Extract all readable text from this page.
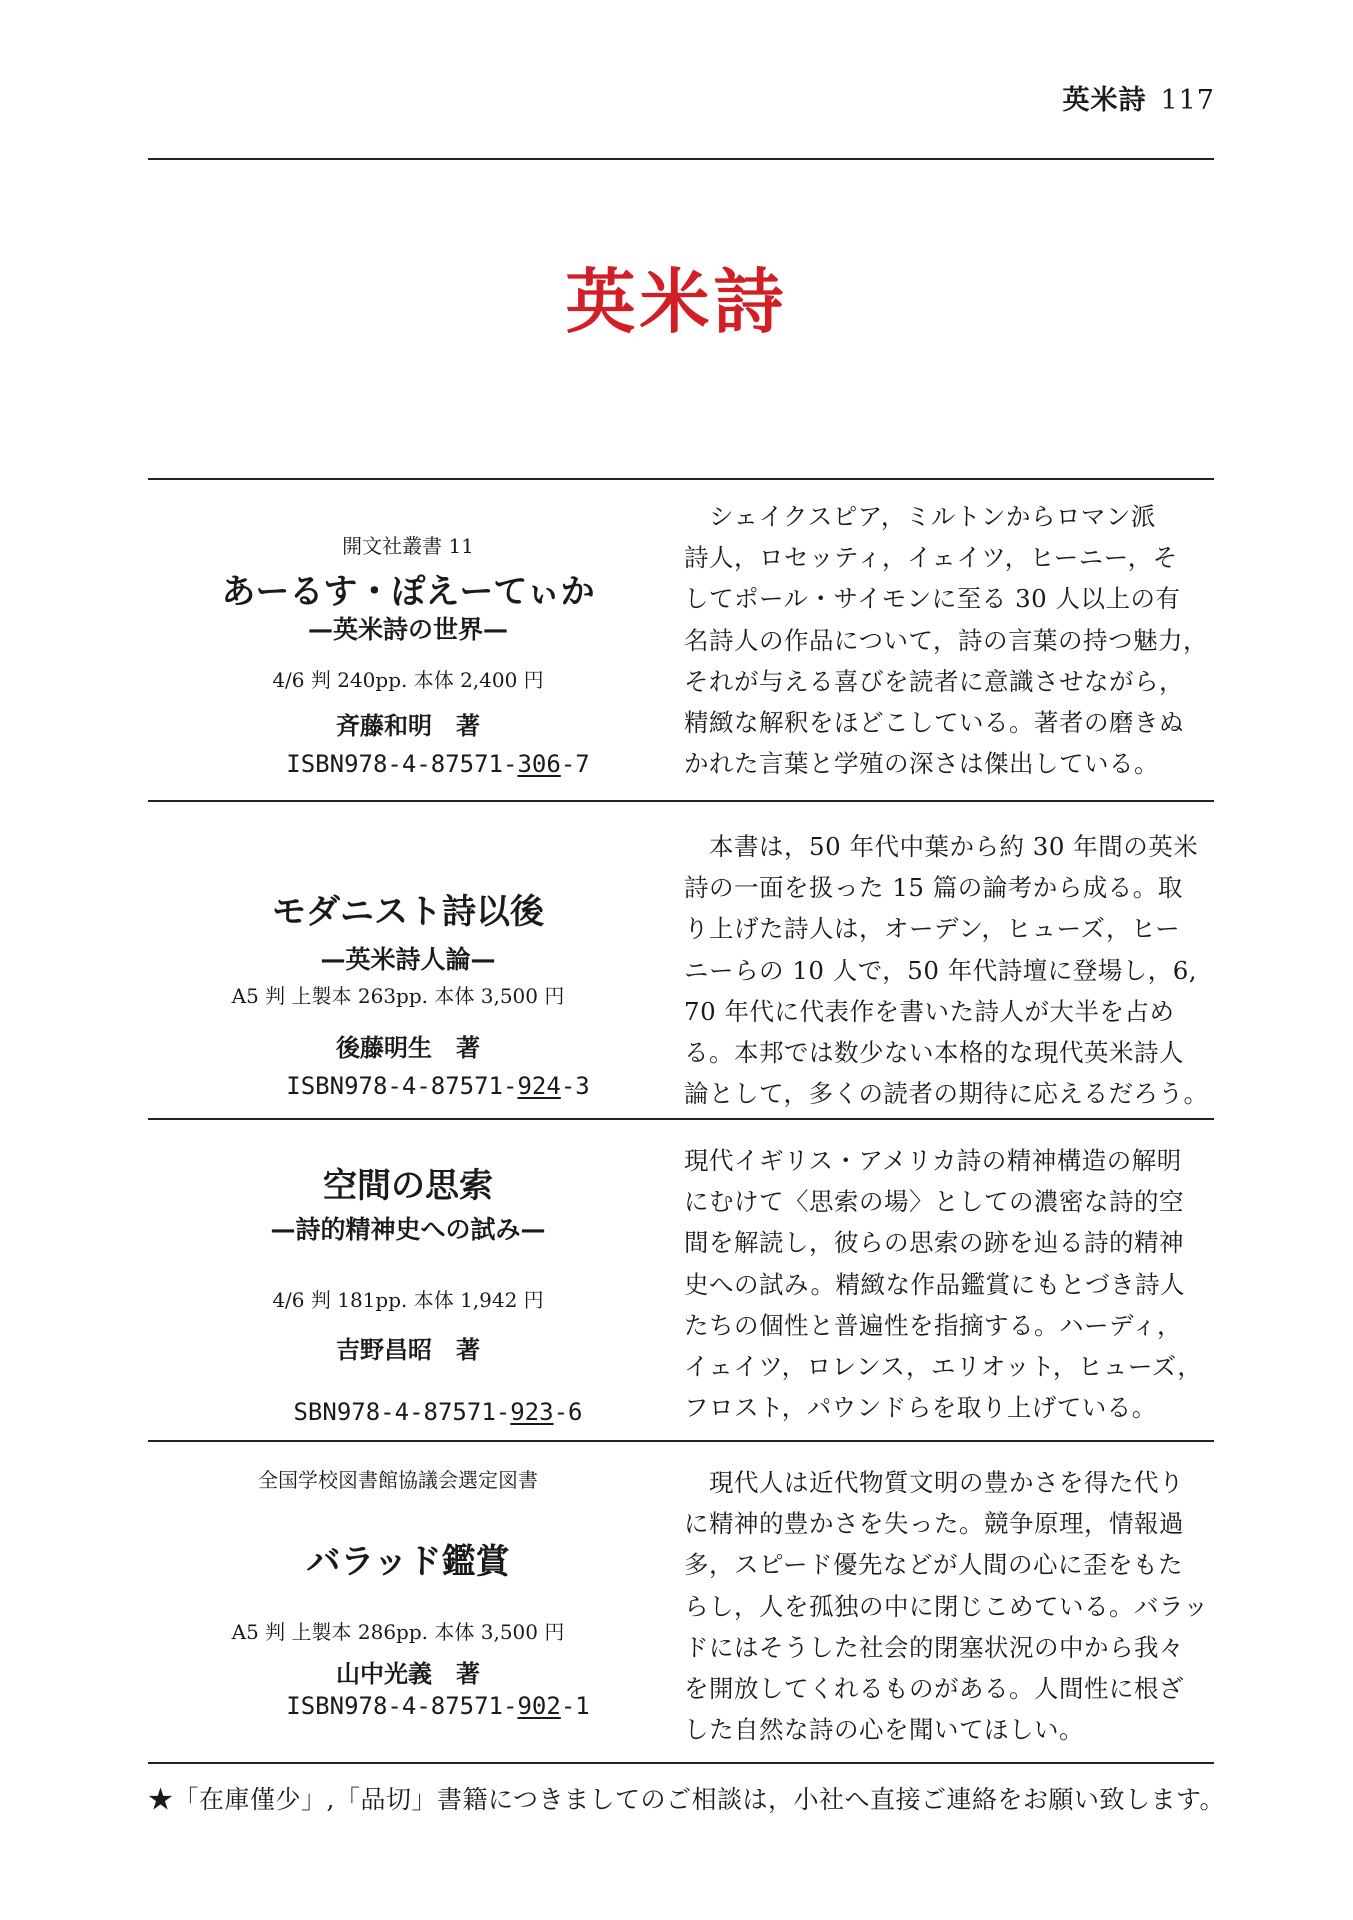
英米詩 117
英米詩
開文社叢書 11
あーるす・ぽえーてぃか
—英米詩の世界—
4/6 判 240pp. 本体 2,400 円
斉藤和明　著
ISBN978-4-87571-306-7
　シェイクスピア，ミルトンからロマン派
詩人，ロセッティ，イェイツ，ヒーニー，そ
してポール・サイモンに至る 30 人以上の有
名詩人の作品について，詩の言葉の持つ魅力，
それが与える喜びを読者に意識させながら，
精緻な解釈をほどこしている。著者の磨きぬ
かれた言葉と学殖の深さは傑出している。
モダニスト詩以後
—英米詩人論—
A5 判 上製本 263pp. 本体 3,500 円
後藤明生　著
ISBN978-4-87571-924-3
　本書は，50 年代中葉から約 30 年間の英米
詩の一面を扱った 15 篇の論考から成る。取
り上げた詩人は，オーデン，ヒューズ，ヒー
ニーらの 10 人で，50 年代詩壇に登場し，6,
70 年代に代表作を書いた詩人が大半を占め
る。本邦では数少ない本格的な現代英米詩人
論として，多くの読者の期待に応えるだろう。
空間の思索
—詩的精神史への試み—
4/6 判 181pp. 本体 1,942 円
吉野昌昭　著
SBN978-4-87571-923-6
現代イギリス・アメリカ詩の精神構造の解明
にむけて〈思索の場〉としての濃密な詩的空
間を解読し，彼らの思索の跡を辿る詩的精神
史への試み。精緻な作品鑑賞にもとづき詩人
たちの個性と普遍性を指摘する。ハーディ，
イェイツ，ロレンス，エリオット，ヒューズ，
フロスト，パウンドらを取り上げている。
全国学校図書館協議会選定図書
バラッド鑑賞
A5 判 上製本 286pp. 本体 3,500 円
山中光義　著
ISBN978-4-87571-902-1
　現代人は近代物質文明の豊かさを得た代り
に精神的豊かさを失った。競争原理，情報過
多，スピード優先などが人間の心に歪をもた
らし，人を孤独の中に閉じこめている。バラッ
ドにはそうした社会的閉塞状況の中から我々
を開放してくれるものがある。人間性に根ざ
した自然な詩の心を聞いてほしい。
★「在庫僅少」,「品切」書籍につきましてのご相談は，小社へ直接ご連絡をお願い致します。
